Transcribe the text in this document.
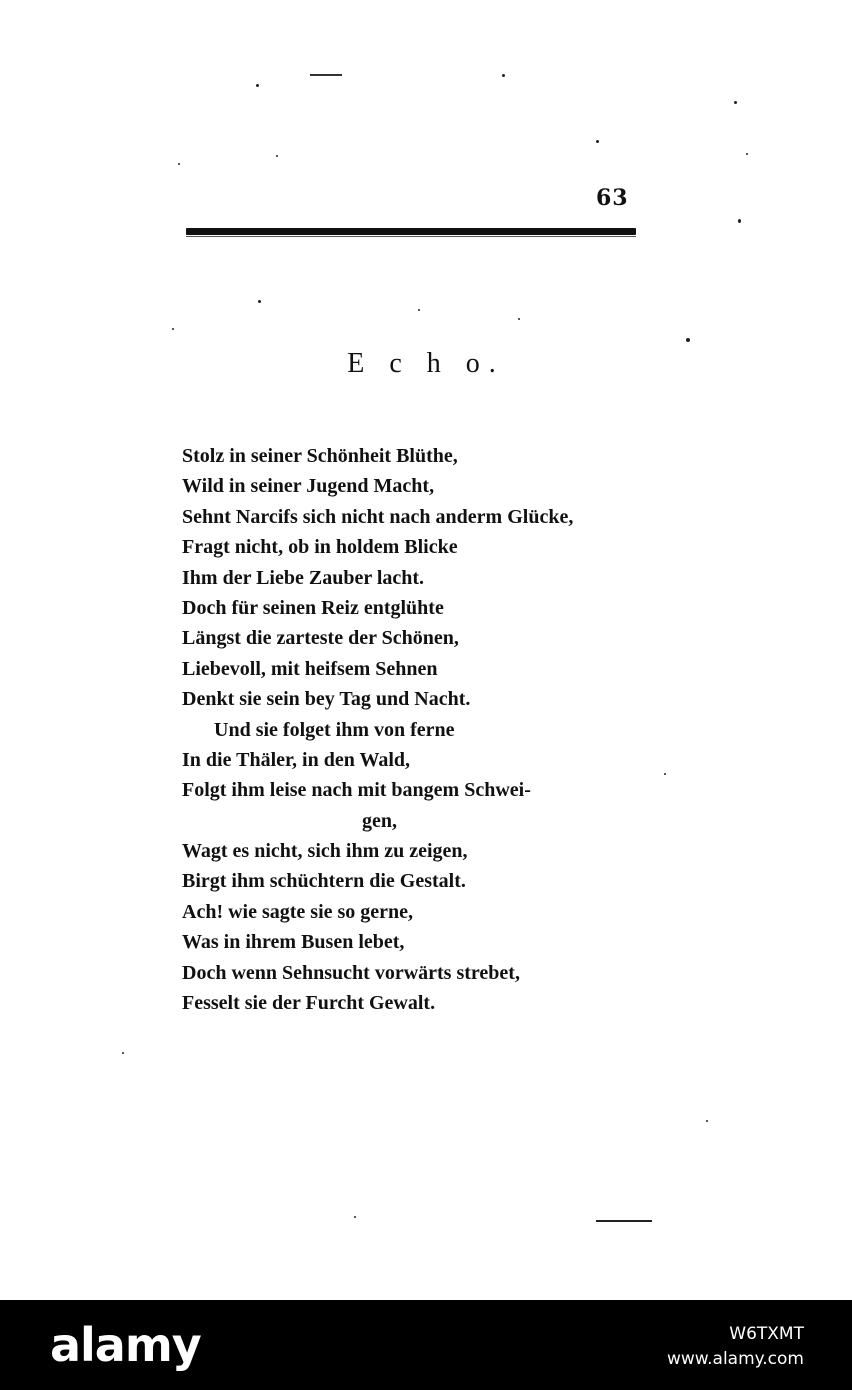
63
E c h o.
Stolz in seiner Schönheit Blüthe,
Wild in seiner Jugend Macht,
Sehnt Narcifs sich nicht nach anderm Glücke,
Fragt nicht, ob in holdem Blicke
Ihm der Liebe Zauber lacht.
Doch für seinen Reiz entglühte
Längst die zarteste der Schönen,
Liebevoll, mit heifsem Sehnen
Denkt sie sein bey Tag und Nacht.
Und sie folget ihm von ferne
In die Thäler, in den Wald,
Folgt ihm leise nach mit bangem Schwei-
gen,
Wagt es nicht, sich ihm zu zeigen,
Birgt ihm schüchtern die Gestalt.
Ach! wie sagte sie so gerne,
Was in ihrem Busen lebet,
Doch wenn Sehnsucht vorwärts strebet,
Fesselt sie der Furcht Gewalt.
alamy	W6TXMT
www.alamy.com
